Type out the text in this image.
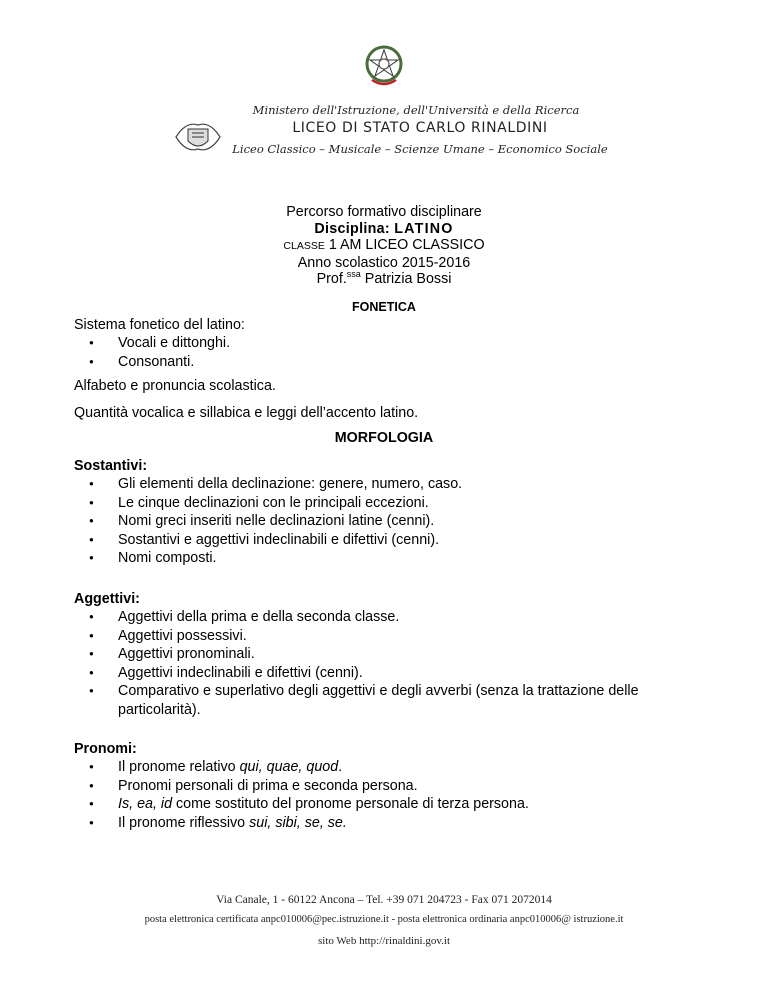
Ministero dell'Istruzione, dell'Università e della Ricerca
LICEO DI STATO CARLO RINALDINI
Liceo Classico – Musicale – Scienze Umane – Economico Sociale
Percorso formativo disciplinare
Disciplina: LATINO
CLASSE 1 AM LICEO CLASSICO
Anno scolastico 2015-2016
Prof.$^{ssa}$ Patrizia Bossi
FONETICA
Sistema fonetico del latino:
● Vocali e dittonghi.
● Consonanti.
Alfabeto e pronuncia scolastica.
Quantità vocalica e sillabica e leggi dell’accento latino.
MORFOLOGIA
Sostantivi:
● Gli elementi della declinazione: genere, numero, caso.
● Le cinque declinazioni con le principali eccezioni.
● Nomi greci inseriti nelle declinazioni latine (cenni).
● Sostantivi e aggettivi indeclinabili e difettivi (cenni).
● Nomi composti.
Aggettivi:
● Aggettivi della prima e della seconda classe.
● Aggettivi possessivi.
● Aggettivi pronominali.
● Aggettivi indeclinabili e difettivi (cenni).
● Comparativo e superlativo degli aggettivi e degli avverbi (senza la trattazione delle
particolarità).
Pronomi:
● Il pronome relativo qui, quae, quod.
● Pronomi personali di prima e seconda persona.
● Is, ea, id come sostituto del pronome personale di terza persona.
● Il pronome riflessivo sui, sibi, se, se.
Via Canale, 1 - 60122 Ancona – Tel. +39 071 204723 - Fax 071 2072014
posta elettronica certificata anpc010006@pec.istruzione.it - posta elettronica ordinaria anpc010006@ istruzione.it
sito Web http://rinaldini.gov.it
